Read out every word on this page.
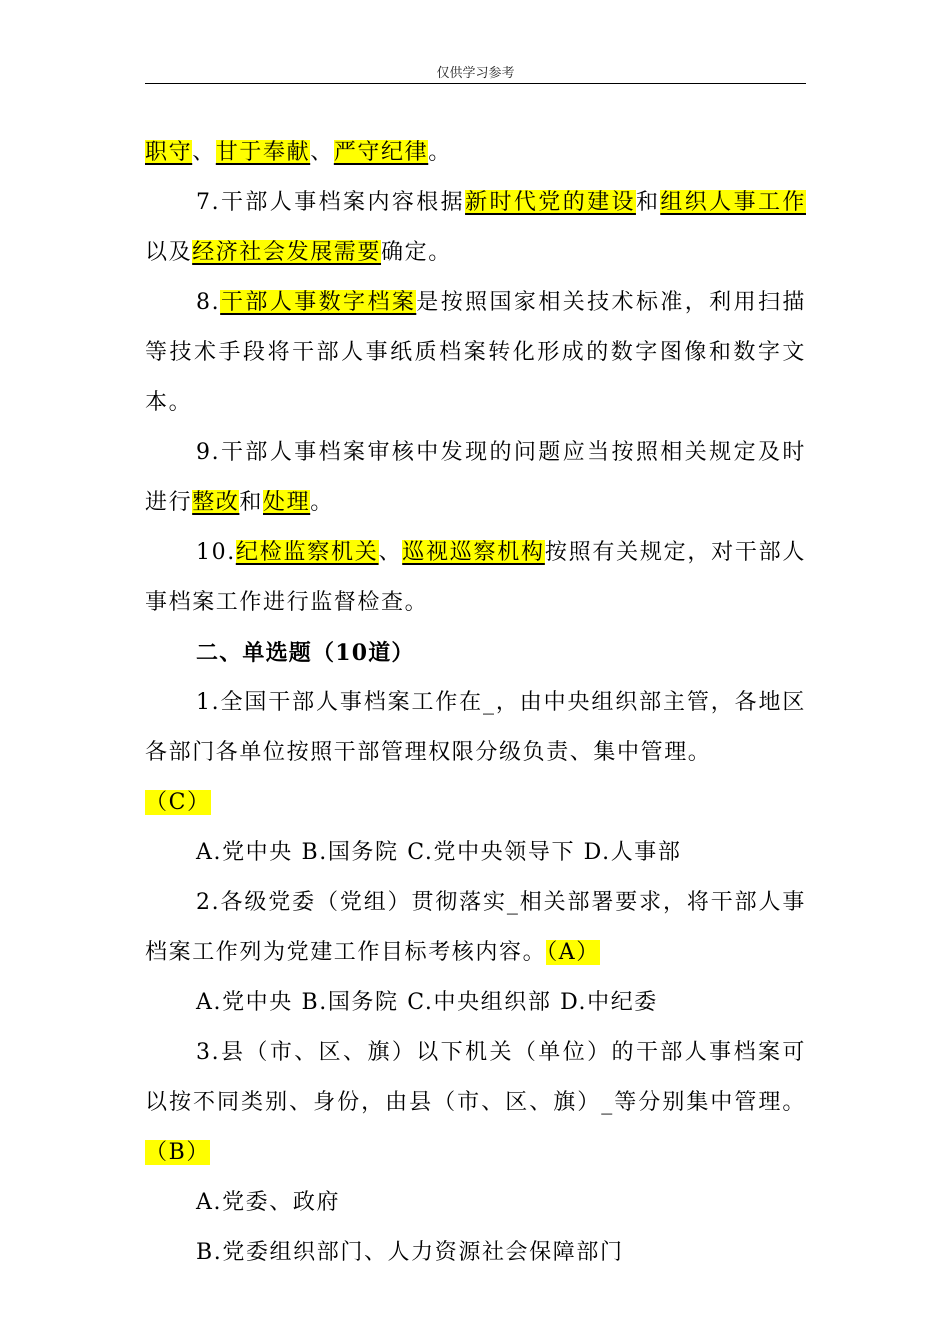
仅供学习参考

职守、甘于奉献、严守纪律。

7.干部人事档案内容根据新时代党的建设和组织人事工作以及经济社会发展需要确定。

8.干部人事数字档案是按照国家相关技术标准，利用扫描等技术手段将干部人事纸质档案转化形成的数字图像和数字文本。

9.干部人事档案审核中发现的问题应当按照相关规定及时进行整改和处理。

10.纪检监察机关、巡视巡察机构按照有关规定，对干部人事档案工作进行监督检查。

二、单选题（10道）

1.全国干部人事档案工作在_，由中央组织部主管，各地区各部门各单位按照干部管理权限分级负责、集中管理。
（C）

A.党中央 B.国务院 C.党中央领导下 D.人事部

2.各级党委（党组）贯彻落实_相关部署要求，将干部人事档案工作列为党建工作目标考核内容。（A）

A.党中央 B.国务院 C.中央组织部 D.中纪委

3.县（市、区、旗）以下机关（单位）的干部人事档案可以按不同类别、身份，由县（市、区、旗）_等分别集中管理。（B）

A.党委、政府

B.党委组织部门、人力资源社会保障部门
